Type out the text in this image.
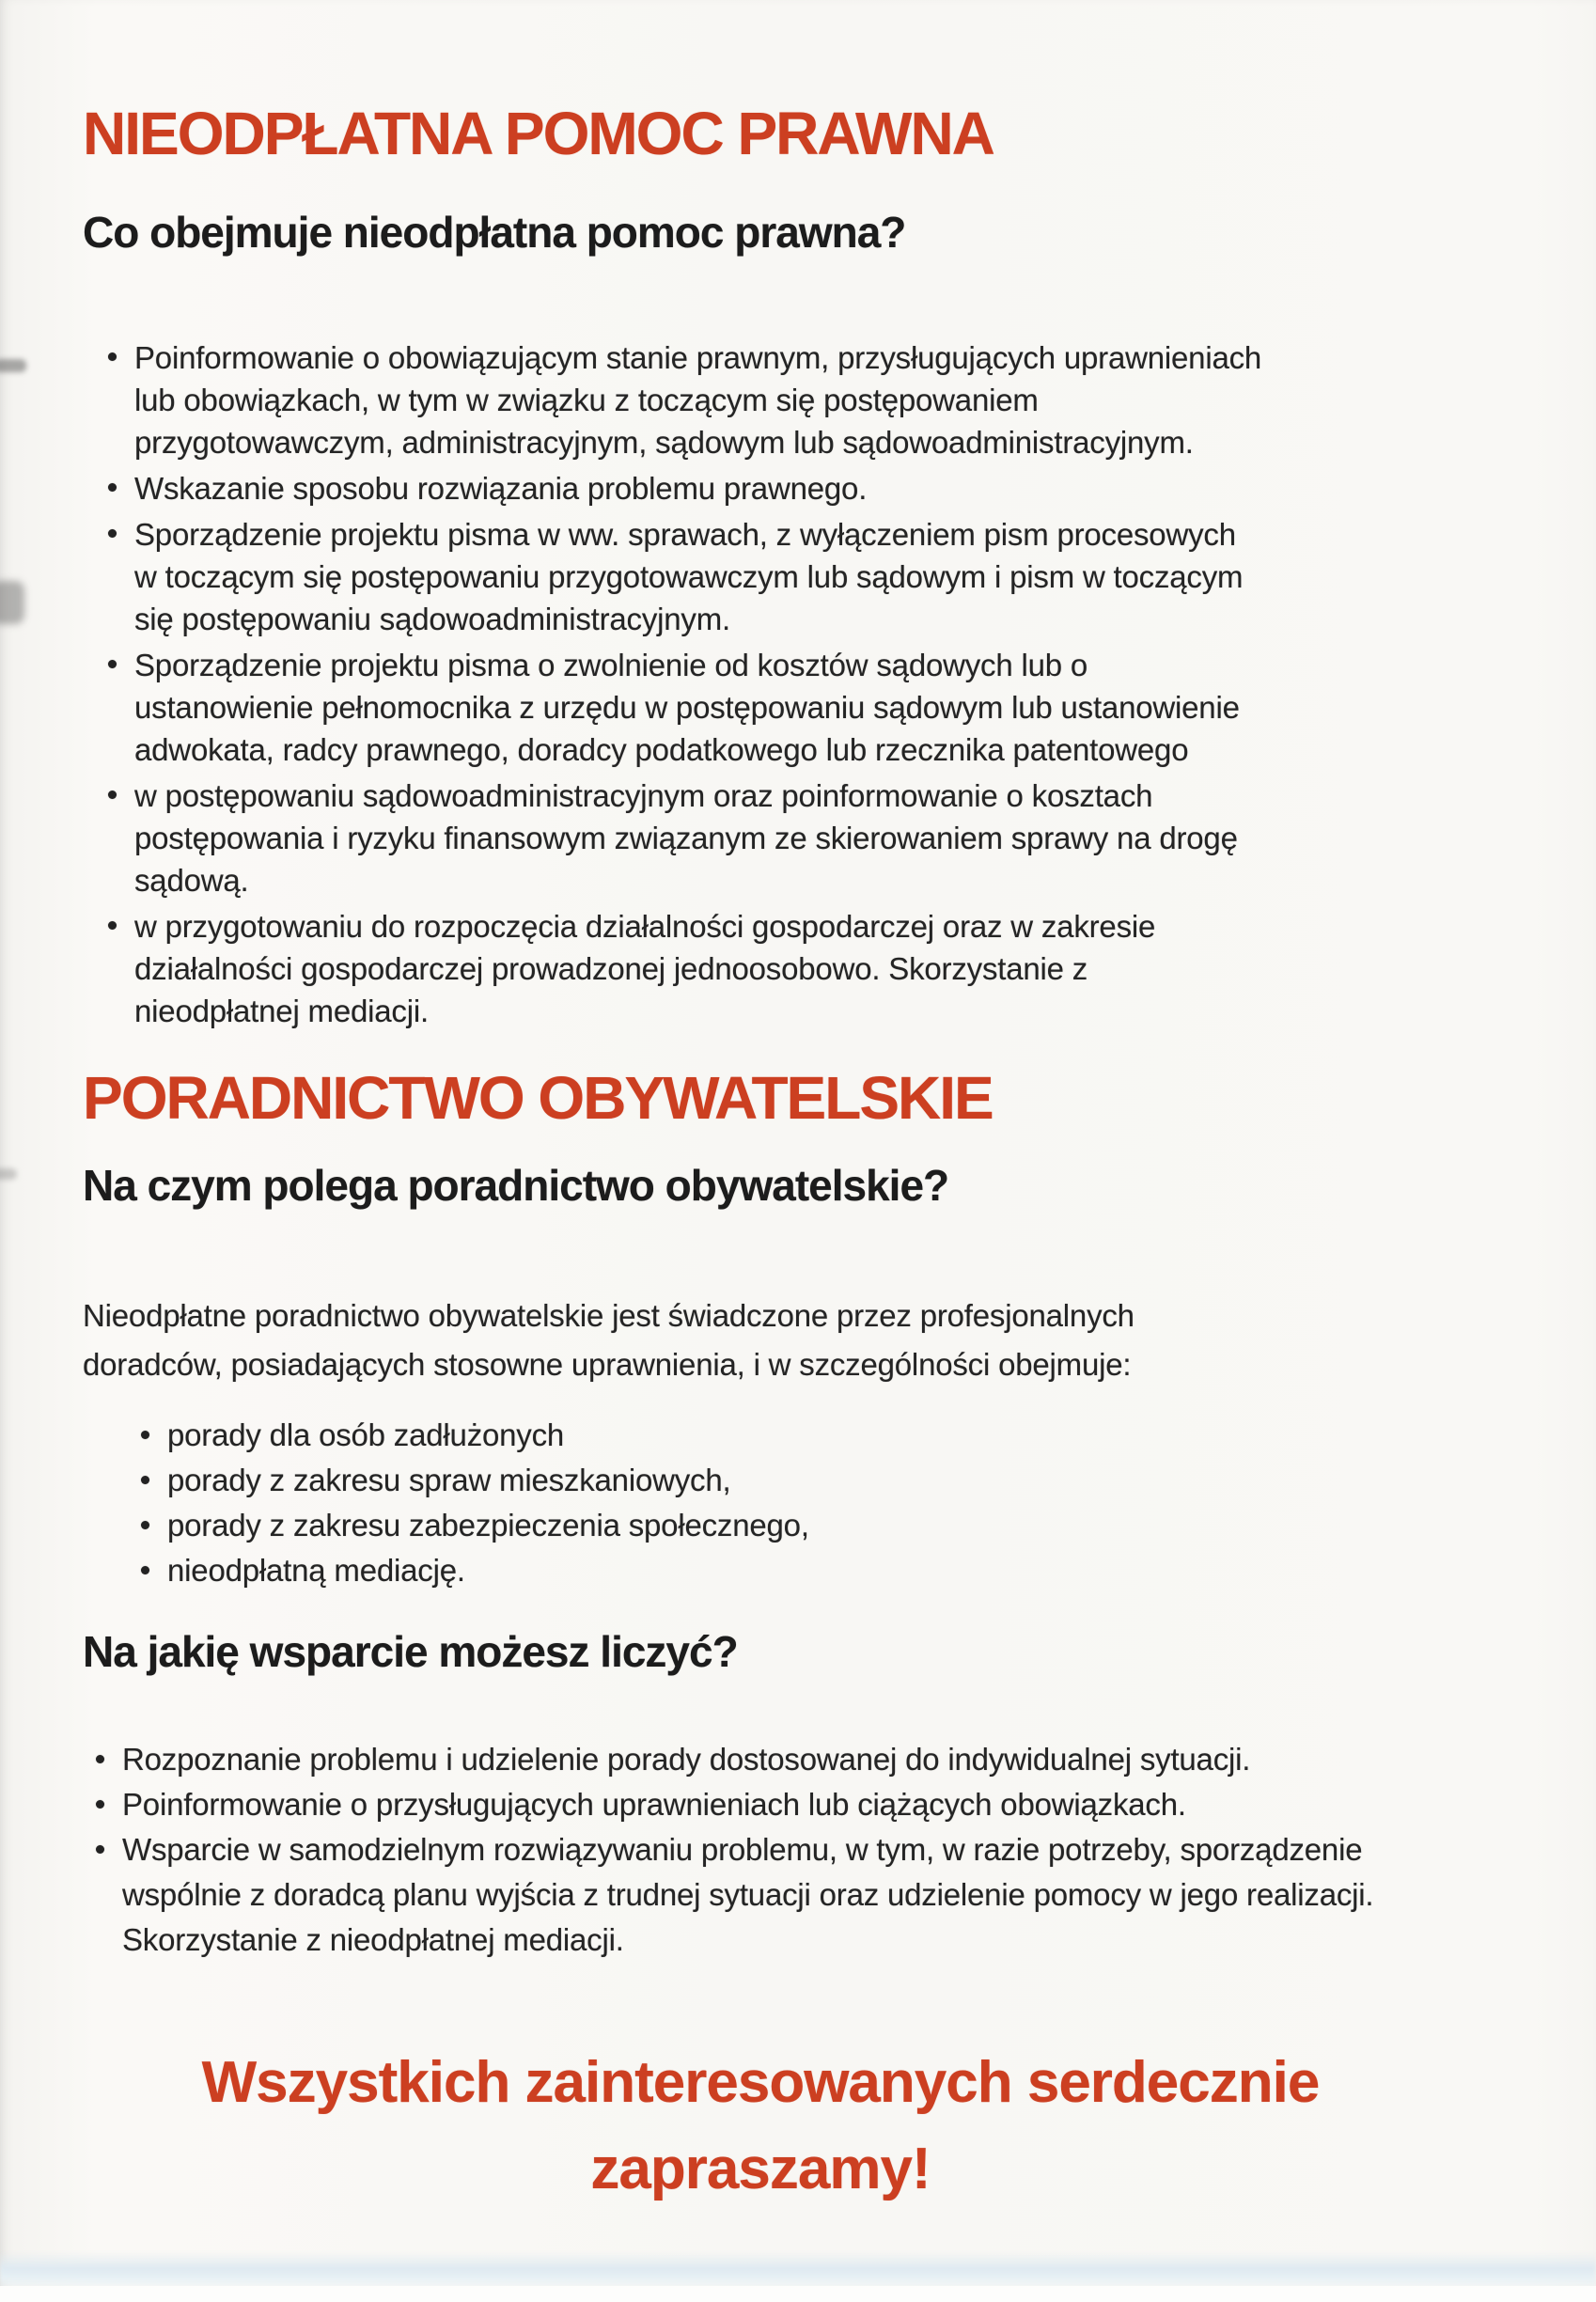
NIEODPŁATNA POMOC PRAWNA
Co obejmuje nieodpłatna pomoc prawna?
Poinformowanie o obowiązującym stanie prawnym, przysługujących uprawnieniach
lub obowiązkach, w tym w związku z toczącym się postępowaniem
przygotowawczym, administracyjnym, sądowym lub sądowoadministracyjnym.
Wskazanie sposobu rozwiązania problemu prawnego.
Sporządzenie projektu pisma w ww. sprawach, z wyłączeniem pism procesowych
w toczącym się postępowaniu przygotowawczym lub sądowym i pism w toczącym
się postępowaniu sądowoadministracyjnym.
Sporządzenie projektu pisma o zwolnienie od kosztów sądowych lub o
ustanowienie pełnomocnika z urzędu w postępowaniu sądowym lub ustanowienie
adwokata, radcy prawnego, doradcy podatkowego lub rzecznika patentowego
w postępowaniu sądowoadministracyjnym oraz poinformowanie o kosztach
postępowania i ryzyku finansowym związanym ze skierowaniem sprawy na drogę
sądową.
w przygotowaniu do rozpoczęcia działalności gospodarczej oraz w zakresie
działalności gospodarczej prowadzonej jednoosobowo. Skorzystanie z
nieodpłatnej mediacji.
PORADNICTWO OBYWATELSKIE
Na czym polega poradnictwo obywatelskie?

Nieodpłatne poradnictwo obywatelskie jest świadczone przez profesjonalnych
doradców, posiadających stosowne uprawnienia, i w szczególności obejmuje:

porady dla osób zadłużonych
porady z zakresu spraw mieszkaniowych,
porady z zakresu zabezpieczenia społecznego,
nieodpłatną mediację.
Na jakię wsparcie możesz liczyć?
Rozpoznanie problemu i udzielenie porady dostosowanej do indywidualnej sytuacji.
Poinformowanie o przysługujących uprawnieniach lub ciążących obowiązkach.
Wsparcie w samodzielnym rozwiązywaniu problemu, w tym, w razie potrzeby, sporządzenie
wspólnie z doradcą planu wyjścia z trudnej sytuacji oraz udzielenie pomocy w jego realizacji.
Skorzystanie z nieodpłatnej mediacji.
Wszystkich zainteresowanych serdecznie
zapraszamy!
